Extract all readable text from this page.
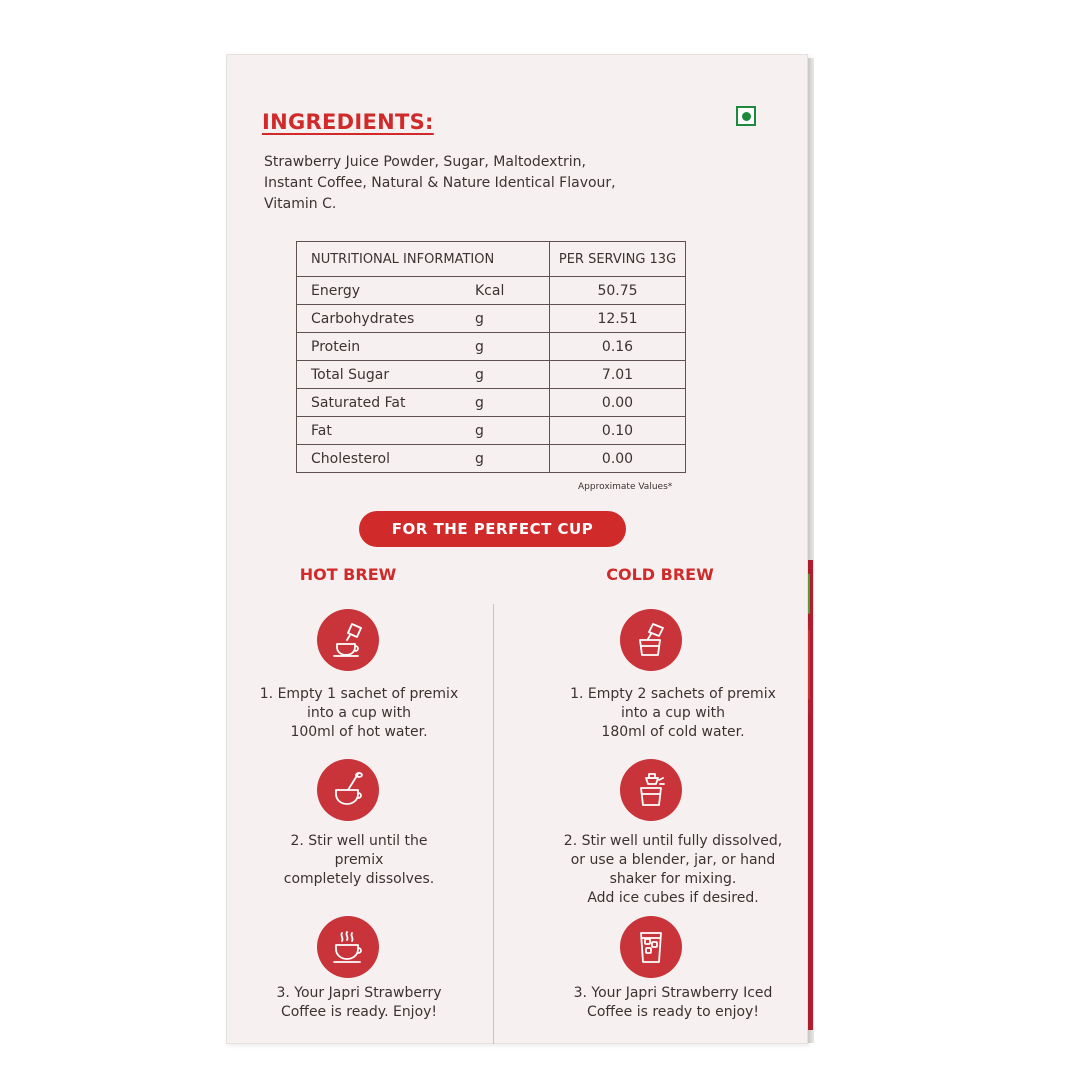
INGREDIENTS:
Strawberry Juice Powder, Sugar, Maltodextrin,
Instant Coffee, Natural & Nature Identical Flavour,
Vitamin C.
NUTRITIONAL INFORMATION	PER SERVING 13G
Energy Kcal	50.75
Carbohydrates g	12.51
Protein g	0.16
Total Sugar g	7.01
Saturated Fat g	0.00
Fat g	0.10
Cholesterol g	0.00
Approximate Values*
FOR THE PERFECT CUP
HOT BREW	COLD BREW
1. Empty 1 sachet of premix
into a cup with
100ml of hot water.
2. Stir well until the
premix
completely dissolves.
3. Your Japri Strawberry
Coffee is ready. Enjoy!
1. Empty 2 sachets of premix
into a cup with
180ml of cold water.
2. Stir well until fully dissolved,
or use a blender, jar, or hand
shaker for mixing.
Add ice cubes if desired.
3. Your Japri Strawberry Iced
Coffee is ready to enjoy!
